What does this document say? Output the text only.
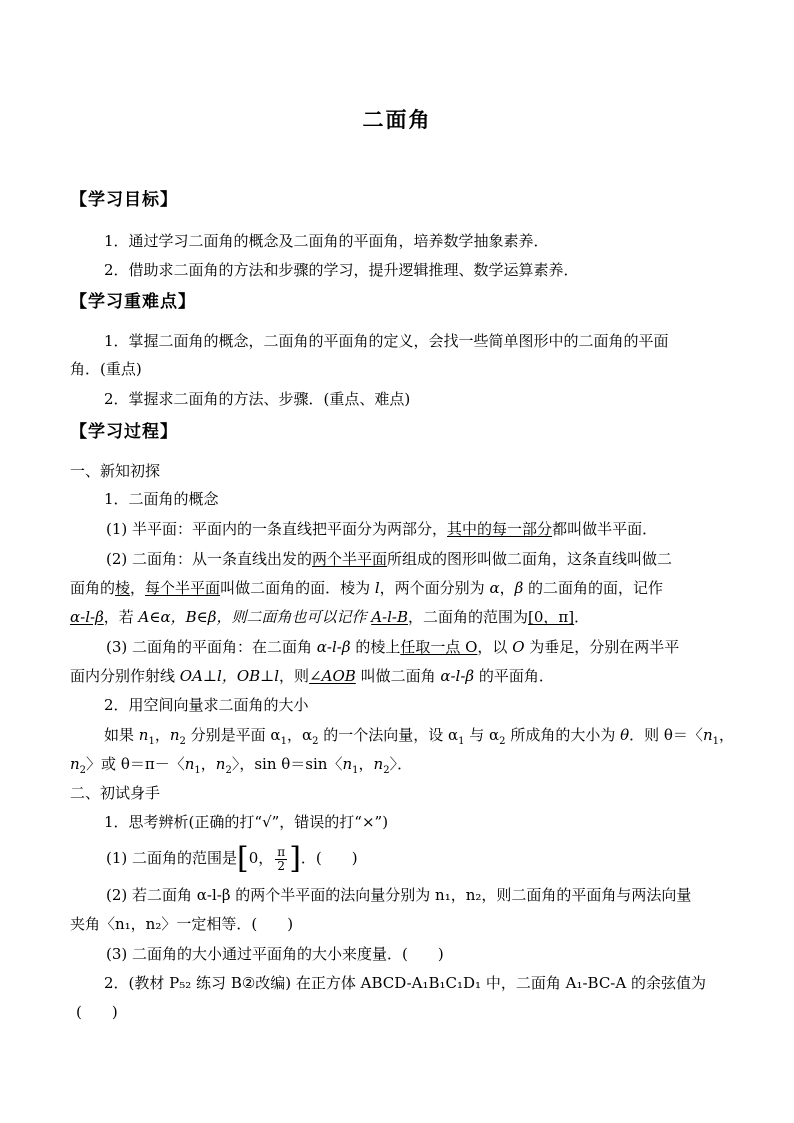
二面角
【学习目标】
1．通过学习二面角的概念及二面角的平面角，培养数学抽象素养．
2．借助求二面角的方法和步骤的学习，提升逻辑推理、数学运算素养．
【学习重难点】
1．掌握二面角的概念，二面角的平面角的定义，会找一些简单图形中的二面角的平面
角．(重点)
2．掌握求二面角的方法、步骤．(重点、难点)
【学习过程】
一、新知初探
1．二面角的概念
(1) 半平面：平面内的一条直线把平面分为两部分，其中的每一部分都叫做半平面．
(2) 二面角：从一条直线出发的两个半平面所组成的图形叫做二面角，这条直线叫做二
面角的棱，每个半平面叫做二面角的面．棱为 l，两个面分别为 α，β 的二面角的面，记作
α-l-β，若 A∈α，B∈β，则二面角也可以记作 A-l-B，二面角的范围为[0，π]．
(3) 二面角的平面角：在二面角 α-l-β 的棱上任取一点 O，以 O 为垂足，分别在两半平
面内分别作射线 OA⊥l，OB⊥l，则∠AOB 叫做二面角 α-l-β 的平面角．
2．用空间向量求二面角的大小
如果 $n_1$，$n_2$ 分别是平面 $\alpha_1$，$\alpha_2$ 的一个法向量，设 $\alpha_1$ 与 $\alpha_2$ 所成角的大小为 θ．则 θ＝〈$n_1$，
$n_2$〉或 θ＝π－〈$n_1$，$n_2$〉，sin θ＝sin〈$n_1$，$n_2$〉．
二、初试身手
1．思考辨析(正确的打“√”，错误的打“×”)
(1) 二面角的范围是[0， $\frac{\pi}{2}$ ]．(　　)
(2) 若二面角 α-l-β 的两个半平面的法向量分别为 n₁，n₂，则二面角的平面角与两法向量
夹角〈n₁，n₂〉一定相等．(　　)
(3) 二面角的大小通过平面角的大小来度量．(　　)
2．(教材 P₅₂ 练习 B②改编) 在正方体 ABCD-A₁B₁C₁D₁ 中，二面角 A₁-BC-A 的余弦值为
(　　)
